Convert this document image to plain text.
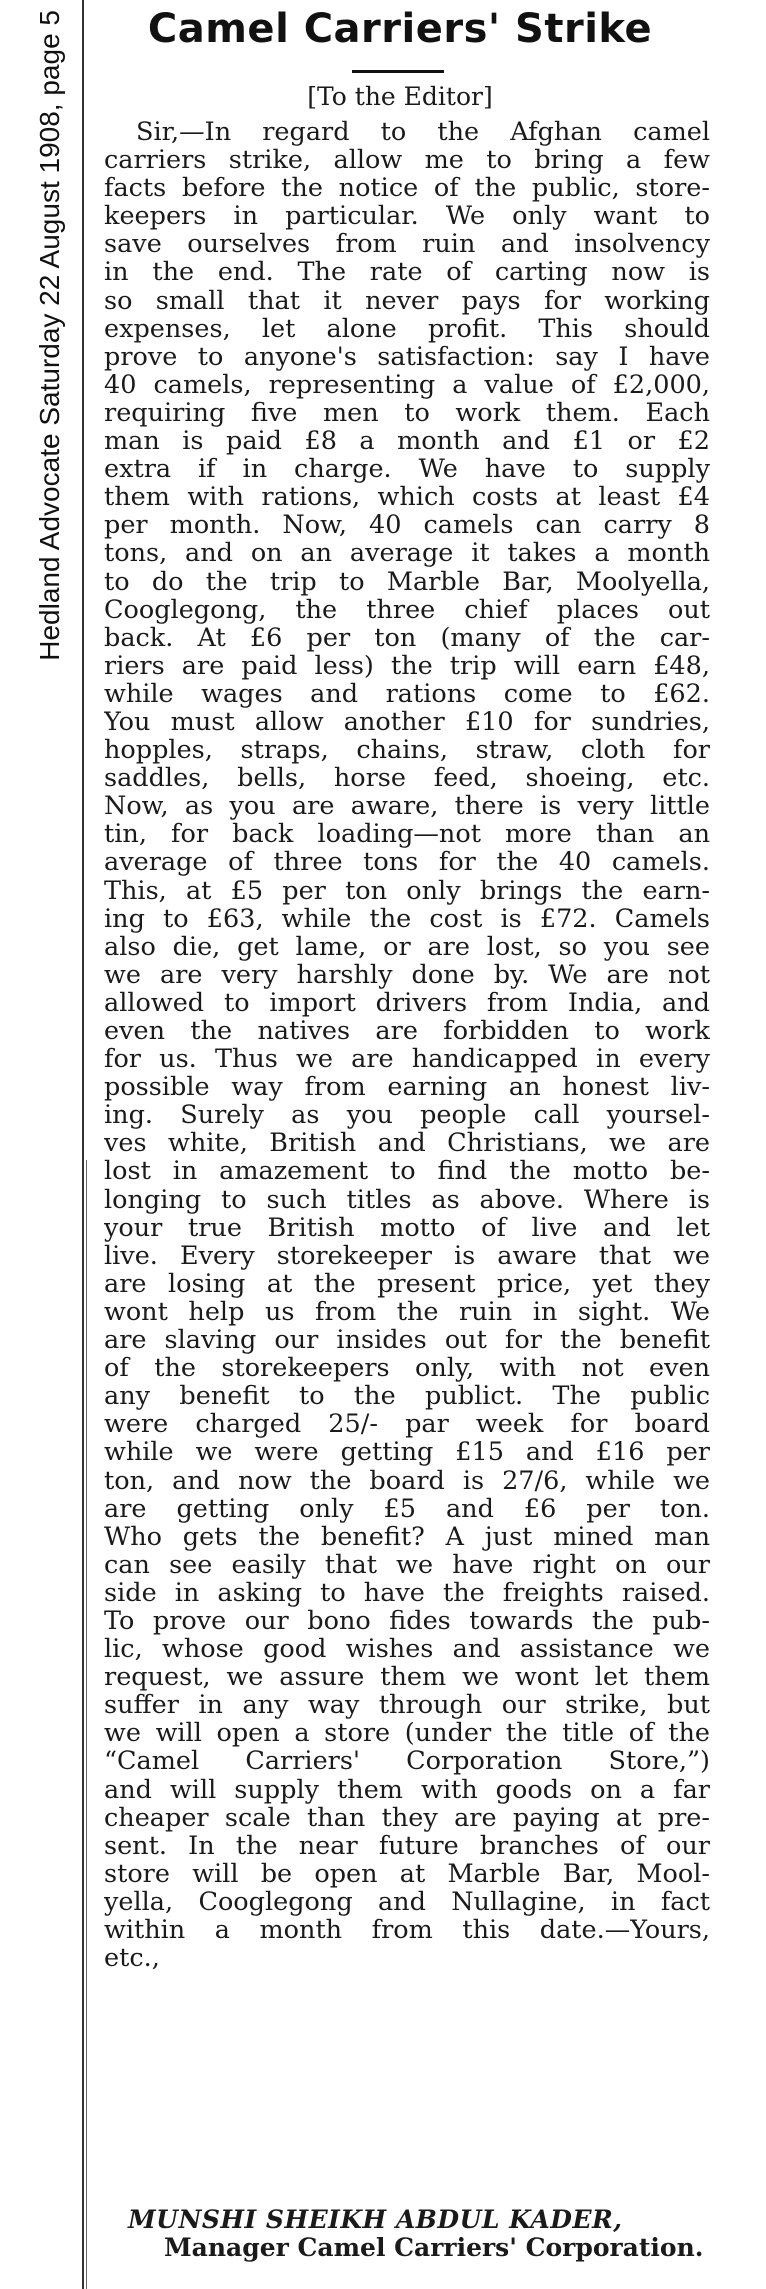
Hedland Advocate Saturday 22 August 1908, page 5	Camel Carriers' Strike
[To the Editor]
Sir,—In regard to the Afghan camel
carriers strike, allow me to bring a few
facts before the notice of the public, store-
keepers in particular. We only want to
save ourselves from ruin and insolvency
in the end. The rate of carting now is
so small that it never pays for working
expenses, let alone profit. This should
prove to anyone's satisfaction: say I have
40 camels, representing a value of £2,000,
requiring five men to work them. Each
man is paid £8 a month and £1 or £2
extra if in charge. We have to supply
them with rations, which costs at least £4
per month. Now, 40 camels can carry 8
tons, and on an average it takes a month
to do the trip to Marble Bar, Moolyella,
Cooglegong, the three chief places out
back. At £6 per ton (many of the car-
riers are paid less) the trip will earn £48,
while wages and rations come to £62.
You must allow another £10 for sundries,
hopples, straps, chains, straw, cloth for
saddles, bells, horse feed, shoeing, etc.
Now, as you are aware, there is very little
tin, for back loading—not more than an
average of three tons for the 40 camels.
This, at £5 per ton only brings the earn-
ing to £63, while the cost is £72. Camels
also die, get lame, or are lost, so you see
we are very harshly done by. We are not
allowed to import drivers from India, and
even the natives are forbidden to work
for us. Thus we are handicapped in every
possible way from earning an honest liv-
ing. Surely as you people call yoursel-
ves white, British and Christians, we are
lost in amazement to find the motto be-
longing to such titles as above. Where is
your true British motto of live and let
live. Every storekeeper is aware that we
are losing at the present price, yet they
wont help us from the ruin in sight. We
are slaving our insides out for the benefit
of the storekeepers only, with not even
any benefit to the publict. The public
were charged 25/- par week for board
while we were getting £15 and £16 per
ton, and now the board is 27/6, while we
are getting only £5 and £6 per ton.
Who gets the benefit? A just mined man
can see easily that we have right on our
side in asking to have the freights raised.
To prove our bono fides towards the pub-
lic, whose good wishes and assistance we
request, we assure them we wont let them
suffer in any way through our strike, but
we will open a store (under the title of the
“Camel Carriers' Corporation Store,”)
and will supply them with goods on a far
cheaper scale than they are paying at pre-
sent. In the near future branches of our
store will be open at Marble Bar, Mool-
yella, Cooglegong and Nullagine, in fact
within a month from this date.—Yours,
etc.,
MUNSHI SHEIKH ABDUL KADER,
Manager Camel Carriers' Corporation.
